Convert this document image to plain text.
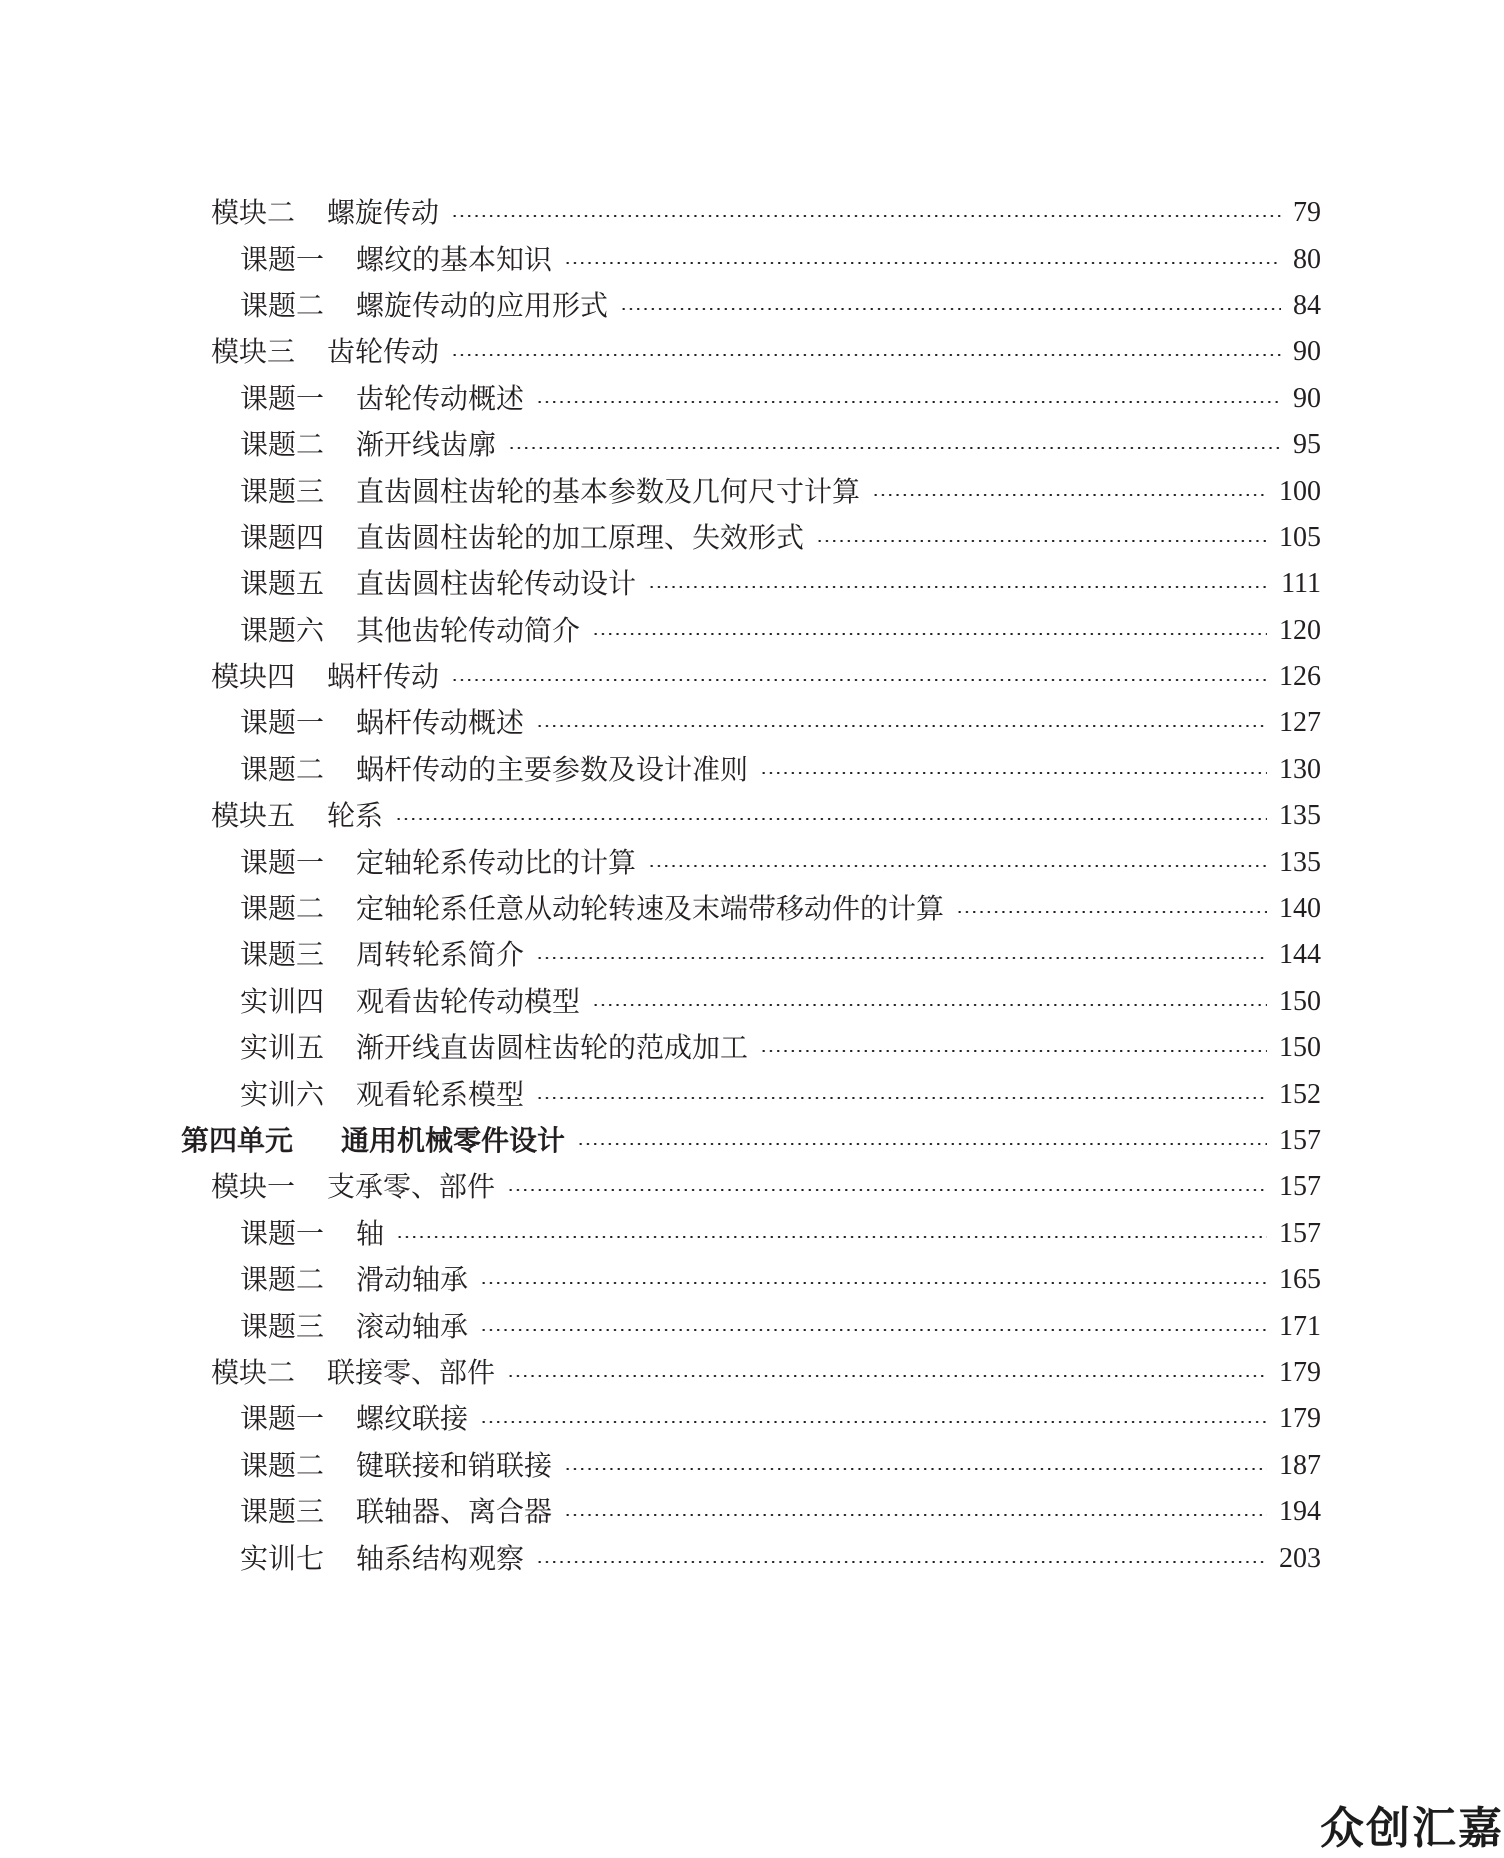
模块二 螺旋传动	79
课题一 螺纹的基本知识	80
课题二 螺旋传动的应用形式	84
模块三 齿轮传动	90
课题一 齿轮传动概述	90
课题二 渐开线齿廓	95
课题三 直齿圆柱齿轮的基本参数及几何尺寸计算	100
课题四 直齿圆柱齿轮的加工原理、失效形式	105
课题五 直齿圆柱齿轮传动设计	111
课题六 其他齿轮传动简介	120
模块四 蜗杆传动	126
课题一 蜗杆传动概述	127
课题二 蜗杆传动的主要参数及设计准则	130
模块五 轮系	135
课题一 定轴轮系传动比的计算	135
课题二 定轴轮系任意从动轮转速及末端带移动件的计算	140
课题三 周转轮系简介	144
实训四 观看齿轮传动模型	150
实训五 渐开线直齿圆柱齿轮的范成加工	150
实训六 观看轮系模型	152
第四单元	通用机械零件设计	157
模块一 支承零、部件	157
课题一 轴	157
课题二 滑动轴承	165
课题三 滚动轴承	171
模块二 联接零、部件	179
课题一 螺纹联接	179
课题二 键联接和销联接	187
课题三 联轴器、离合器	194
实训七 轴系结构观察	203
众创汇嘉
